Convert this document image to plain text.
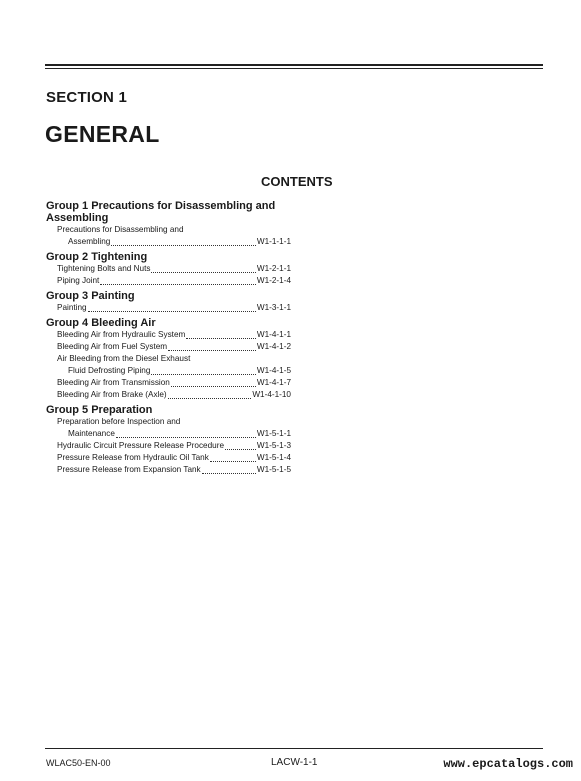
SECTION 1
GENERAL
CONTENTS
Group 1 Precautions for Disassembling and Assembling
Precautions for Disassembling and
Assembling	W1-1-1-1
Group 2 Tightening
Tightening Bolts and Nuts	W1-2-1-1
Piping Joint	W1-2-1-4
Group 3 Painting
Painting	W1-3-1-1
Group 4 Bleeding Air
Bleeding Air from Hydraulic System	W1-4-1-1
Bleeding Air from Fuel System	W1-4-1-2
Air Bleeding from the Diesel Exhaust
Fluid Defrosting Piping	W1-4-1-5
Bleeding Air from Transmission	W1-4-1-7
Bleeding Air from Brake (Axle)	W1-4-1-10
Group 5 Preparation
Preparation before Inspection and
Maintenance	W1-5-1-1
Hydraulic Circuit Pressure Release Procedure	W1-5-1-3
Pressure Release from Hydraulic Oil Tank	W1-5-1-4
Pressure Release from Expansion Tank	W1-5-1-5
WLAC50-EN-00	LACW-1-1	www.epcatalogs.com
